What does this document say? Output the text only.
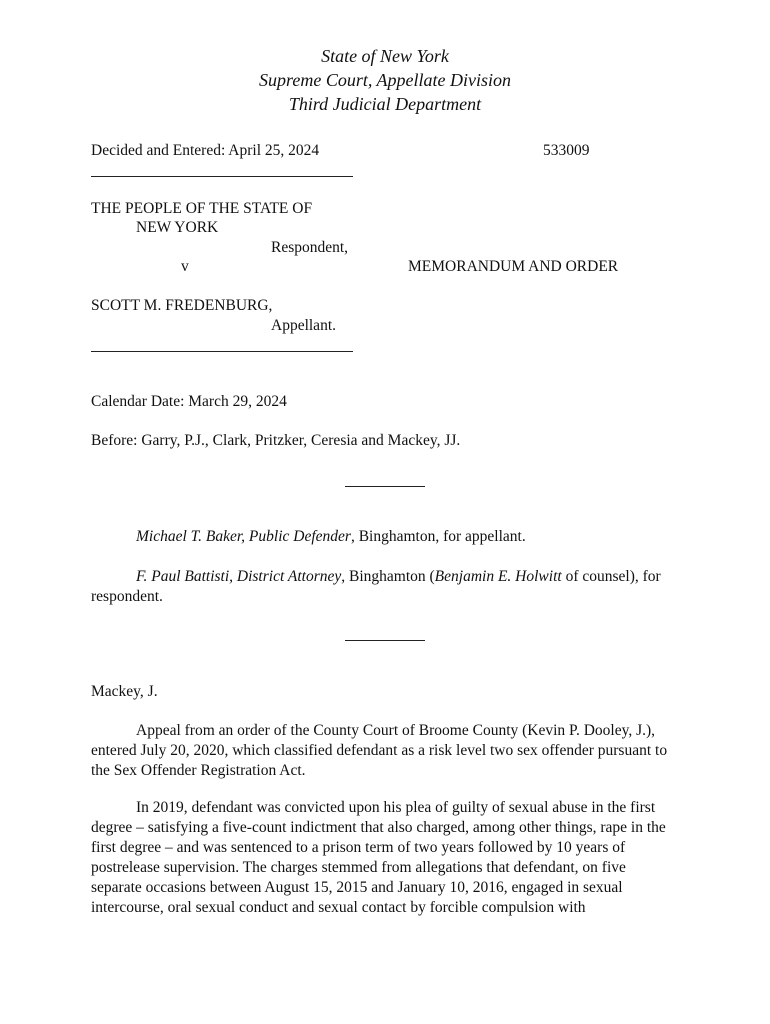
State of New York
Supreme Court, Appellate Division
Third Judicial Department
Decided and Entered: April 25, 2024	533009
THE PEOPLE OF THE STATE OF
NEW YORK
Respondent,
v	MEMORANDUM AND ORDER
SCOTT M. FREDENBURG,
Appellant.
Calendar Date: March 29, 2024
Before: Garry, P.J., Clark, Pritzker, Ceresia and Mackey, JJ.
Michael T. Baker, Public Defender, Binghamton, for appellant.
F. Paul Battisti, District Attorney, Binghamton (Benjamin E. Holwitt of counsel), for respondent.
Mackey, J.
Appeal from an order of the County Court of Broome County (Kevin P. Dooley, J.), entered July 20, 2020, which classified defendant as a risk level two sex offender pursuant to the Sex Offender Registration Act.
In 2019, defendant was convicted upon his plea of guilty of sexual abuse in the first degree – satisfying a five-count indictment that also charged, among other things, rape in the first degree – and was sentenced to a prison term of two years followed by 10 years of postrelease supervision. The charges stemmed from allegations that defendant, on five separate occasions between August 15, 2015 and January 10, 2016, engaged in sexual intercourse, oral sexual conduct and sexual contact by forcible compulsion with
